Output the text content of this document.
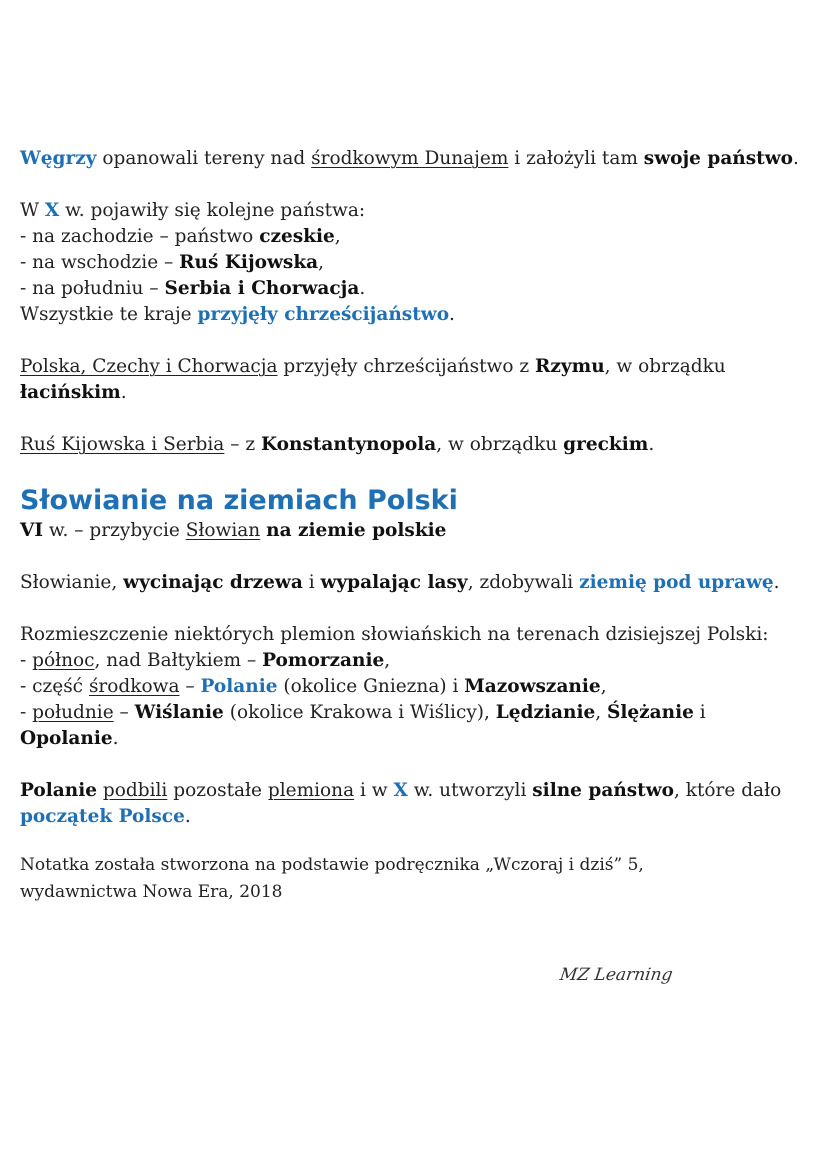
Węgrzy opanowali tereny nad środkowym Dunajem i założyli tam swoje państwo.

W X w. pojawiły się kolejne państwa:

- na zachodzie – państwo czeskie,

- na wschodzie – Ruś Kijowska,

- na południu – Serbia i Chorwacja.

Wszystkie te kraje przyjęły chrześcijaństwo.

Polska, Czechy i Chorwacja przyjęły chrześcijaństwo z Rzymu, w obrządku łacińskim.

Ruś Kijowska i Serbia – z Konstantynopola, w obrządku greckim.

Słowianie na ziemiach Polski

VI w. – przybycie Słowian na ziemie polskie

Słowianie, wycinając drzewa i wypalając lasy, zdobywali ziemię pod uprawę.

Rozmieszczenie niektórych plemion słowiańskich na terenach dzisiejszej Polski:

- północ, nad Bałtykiem – Pomorzanie,

- część środkowa – Polanie (okolice Gniezna) i Mazowszanie,

- południe – Wiślanie (okolice Krakowa i Wiślicy), Lędzianie, Ślężanie i Opolanie.

Polanie podbili pozostałe plemiona i w X w. utworzyli silne państwo, które dało początek Polsce.

Notatka została stworzona na podstawie podręcznika „Wczoraj i dziś” 5,

wydawnictwa Nowa Era, 2018

MZ Learning
